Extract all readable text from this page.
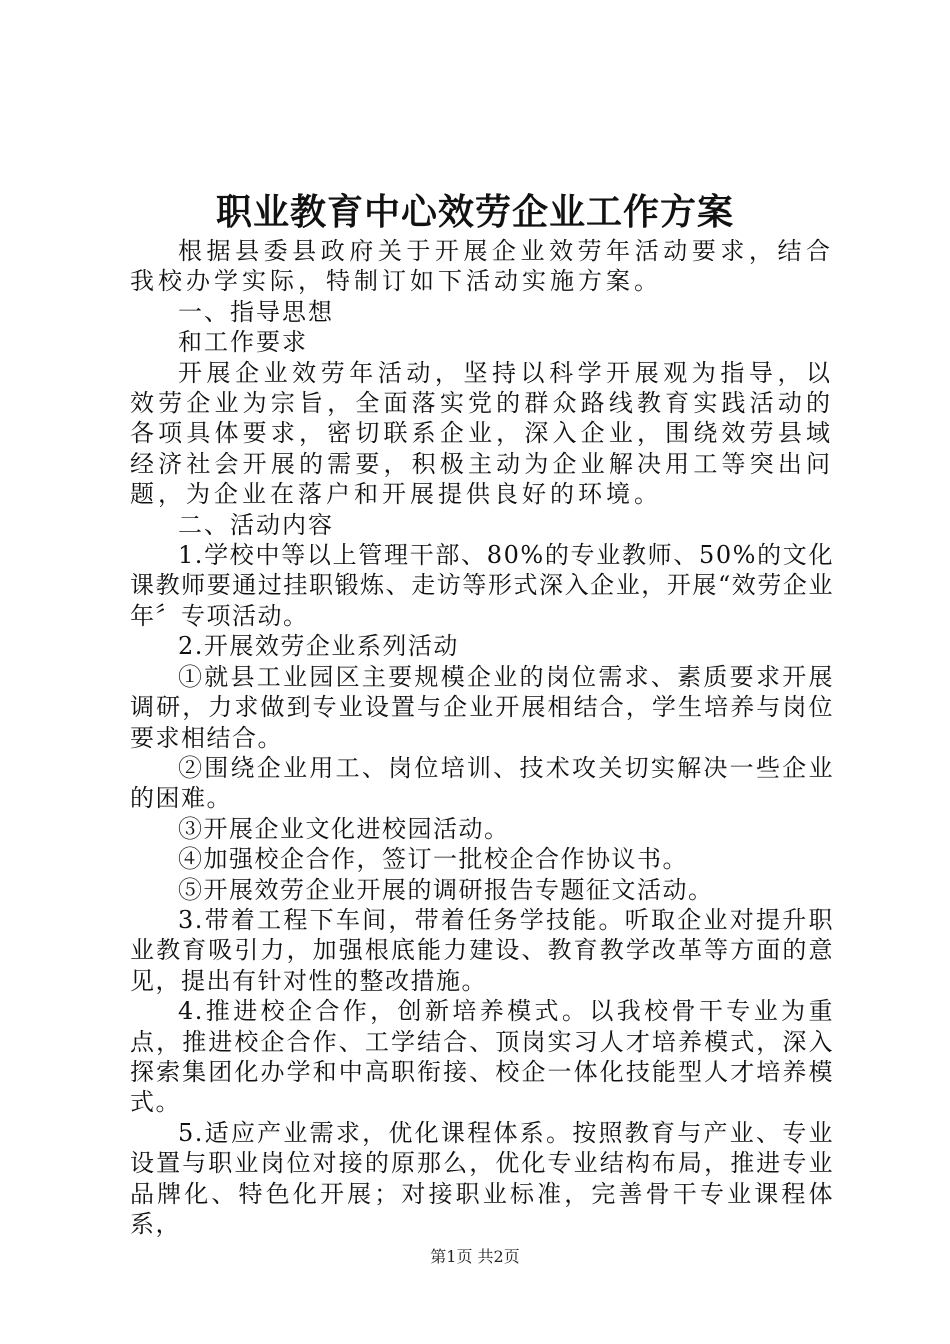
职业教育中心效劳企业工作方案

根据县委县政府关于开展企业效劳年活动要求，结合我校办学实际，特制订如下活动实施方案。

一、指导思想

和工作要求

开展企业效劳年活动，坚持以科学开展观为指导，以效劳企业为宗旨，全面落实党的群众路线教育实践活动的各项具体要求，密切联系企业，深入企业，围绕效劳县域经济社会开展的需要，积极主动为企业解决用工等突出问题，为企业在落户和开展提供良好的环境。

二、活动内容

1.学校中等以上管理干部、80%的专业教师、50%的文化课教师要通过挂职锻炼、走访等形式深入企业，开展“效劳企业年〞专项活动。

2.开展效劳企业系列活动

①就县工业园区主要规模企业的岗位需求、素质要求开展调研，力求做到专业设置与企业开展相结合，学生培养与岗位要求相结合。

②围绕企业用工、岗位培训、技术攻关切实解决一些企业的困难。

③开展企业文化进校园活动。

④加强校企合作，签订一批校企合作协议书。

⑤开展效劳企业开展的调研报告专题征文活动。

3.带着工程下车间，带着任务学技能。听取企业对提升职业教育吸引力，加强根底能力建设、教育教学改革等方面的意见，提出有针对性的整改措施。

4.推进校企合作，创新培养模式。以我校骨干专业为重点，推进校企合作、工学结合、顶岗实习人才培养模式，深入探索集团化办学和中高职衔接、校企一体化技能型人才培养模式。

5.适应产业需求，优化课程体系。按照教育与产业、专业设置与职业岗位对接的原那么，优化专业结构布局，推进专业品牌化、特色化开展；对接职业标准，完善骨干专业课程体系，

第1页 共2页
